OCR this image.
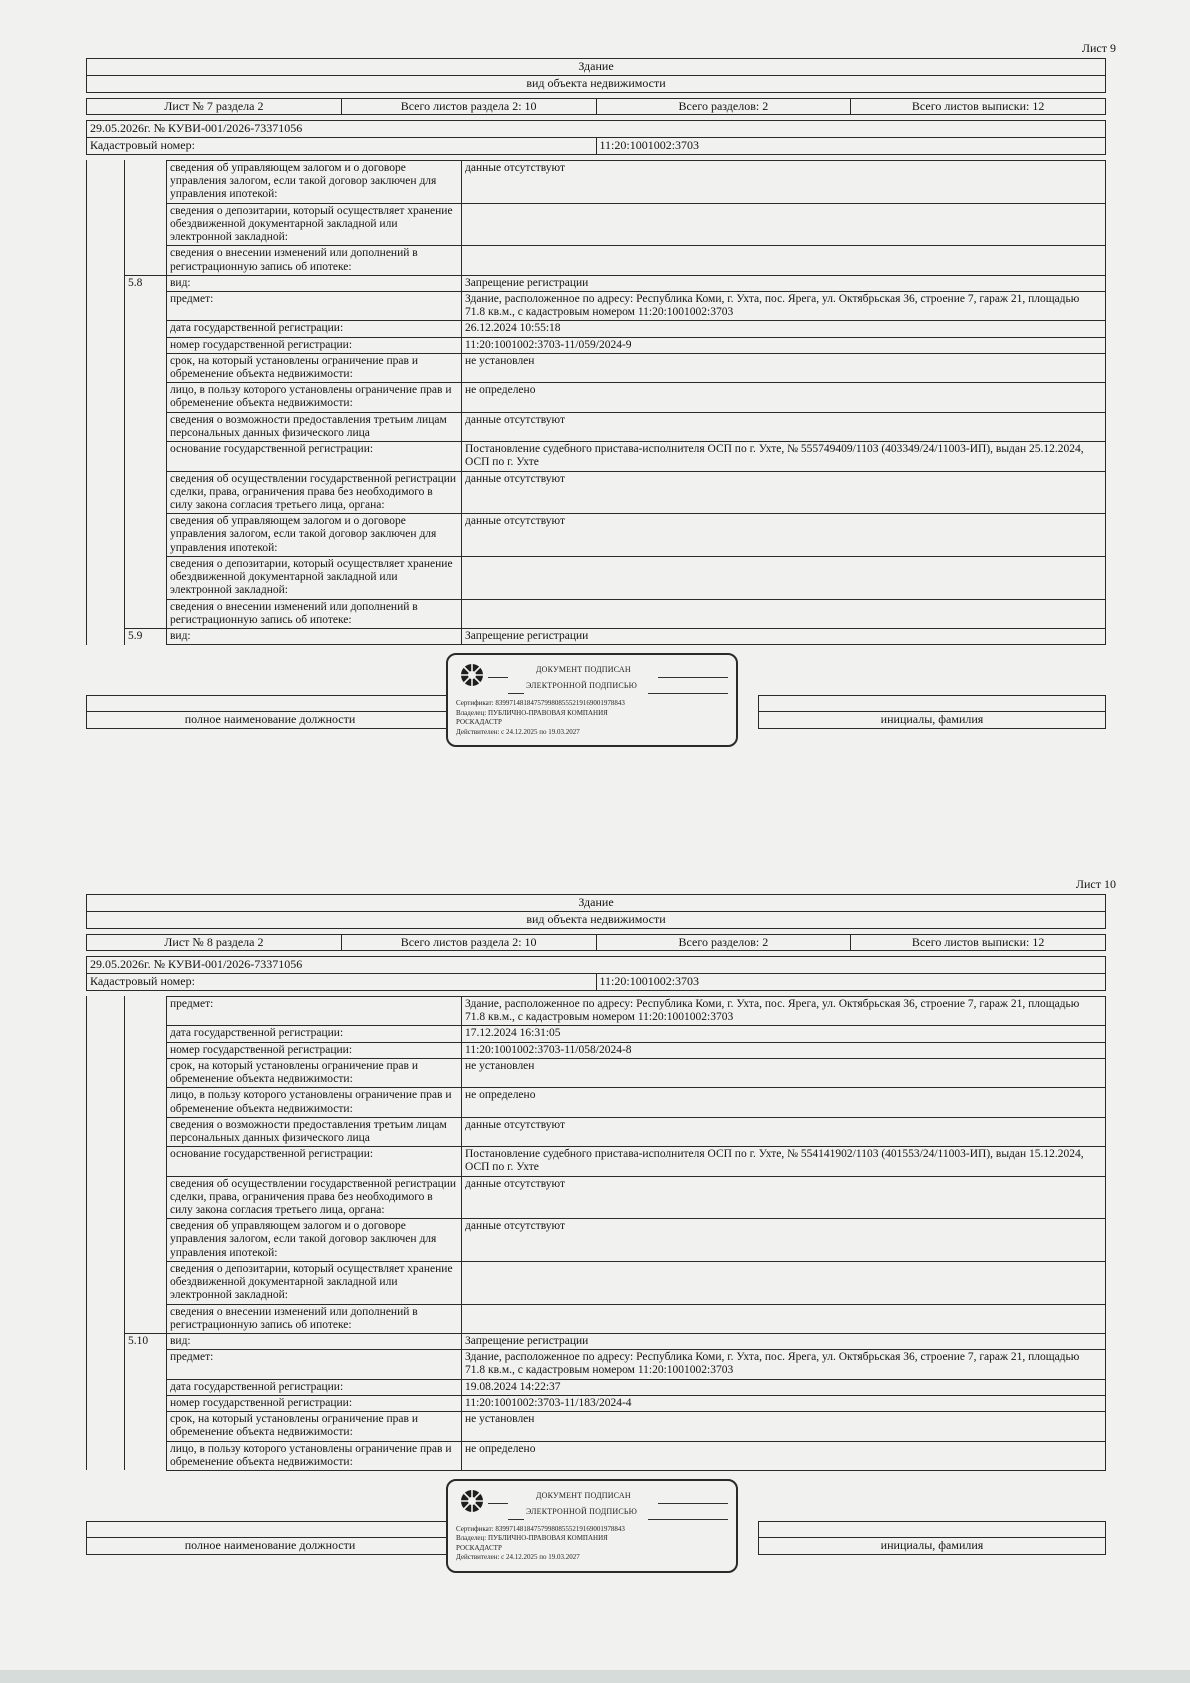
Лист 9
Здание
вид объекта недвижимости
Лист № 7 раздела 2	Всего листов раздела 2: 10	Всего разделов: 2	Всего листов выписки: 12
29.05.2026г. № КУВИ-001/2026-73371056
Кадастровый номер:	11:20:1001002:3703
		сведения об управляющем залогом и о договоре управления залогом, если такой договор заключен для управления ипотекой:	данные отсутствуют
		сведения о депозитарии, который осуществляет хранение обездвиженной документарной закладной или электронной закладной:	
		сведения о внесении изменений или дополнений в регистрационную запись об ипотеке:	
	5.8	вид:	Запрещение регистрации
		предмет:	Здание, расположенное по адресу: Республика Коми, г. Ухта, пос. Ярега, ул. Октябрьская 36, строение 7, гараж 21, площадью 71.8 кв.м., с кадастровым номером 11:20:1001002:3703
		дата государственной регистрации:	26.12.2024 10:55:18
		номер государственной регистрации:	11:20:1001002:3703-11/059/2024-9
		срок, на который установлены ограничение прав и обременение объекта недвижимости:	не установлен
		лицо, в пользу которого установлены ограничение прав и обременение объекта недвижимости:	не определено
		сведения о возможности предоставления третьим лицам персональных данных физического лица	данные отсутствуют
		основание государственной регистрации:	Постановление судебного пристава-исполнителя ОСП по г. Ухте, № 555749409/1103 (403349/24/11003-ИП), выдан 25.12.2024, ОСП по г. Ухте
		сведения об осуществлении государственной регистрации сделки, права, ограничения права без необходимого в силу закона согласия третьего лица, органа:	данные отсутствуют
		сведения об управляющем залогом и о договоре управления залогом, если такой договор заключен для управления ипотекой:	данные отсутствуют
		сведения о депозитарии, который осуществляет хранение обездвиженной документарной закладной или электронной закладной:	
		сведения о внесении изменений или дополнений в регистрационную запись об ипотеке:	
	5.9	вид:	Запрещение регистрации

полное наименование должности		инициалы, фамилия
ДОКУМЕНТ ПОДПИСАН
ЭЛЕКТРОННОЙ ПОДПИСЬЮ
Сертификат: 8399714818475799808555219169001978843
Владелец: ПУБЛИЧНО-ПРАВОВАЯ КОМПАНИЯ
РОСКАДАСТР
Действителен: с 24.12.2025 по 19.03.2027
Лист 10
Здание
вид объекта недвижимости
Лист № 8 раздела 2	Всего листов раздела 2: 10	Всего разделов: 2	Всего листов выписки: 12
29.05.2026г. № КУВИ-001/2026-73371056
Кадастровый номер:	11:20:1001002:3703
		предмет:	Здание, расположенное по адресу: Республика Коми, г. Ухта, пос. Ярега, ул. Октябрьская 36, строение 7, гараж 21, площадью 71.8 кв.м., с кадастровым номером 11:20:1001002:3703
		дата государственной регистрации:	17.12.2024 16:31:05
		номер государственной регистрации:	11:20:1001002:3703-11/058/2024-8
		срок, на который установлены ограничение прав и обременение объекта недвижимости:	не установлен
		лицо, в пользу которого установлены ограничение прав и обременение объекта недвижимости:	не определено
		сведения о возможности предоставления третьим лицам персональных данных физического лица	данные отсутствуют
		основание государственной регистрации:	Постановление судебного пристава-исполнителя ОСП по г. Ухте, № 554141902/1103 (401553/24/11003-ИП), выдан 15.12.2024, ОСП по г. Ухте
		сведения об осуществлении государственной регистрации сделки, права, ограничения права без необходимого в силу закона согласия третьего лица, органа:	данные отсутствуют
		сведения об управляющем залогом и о договоре управления залогом, если такой договор заключен для управления ипотекой:	данные отсутствуют
		сведения о депозитарии, который осуществляет хранение обездвиженной документарной закладной или электронной закладной:	
		сведения о внесении изменений или дополнений в регистрационную запись об ипотеке:	
	5.10	вид:	Запрещение регистрации
		предмет:	Здание, расположенное по адресу: Республика Коми, г. Ухта, пос. Ярега, ул. Октябрьская 36, строение 7, гараж 21, площадью 71.8 кв.м., с кадастровым номером 11:20:1001002:3703
		дата государственной регистрации:	19.08.2024 14:22:37
		номер государственной регистрации:	11:20:1001002:3703-11/183/2024-4
		срок, на который установлены ограничение прав и обременение объекта недвижимости:	не установлен
		лицо, в пользу которого установлены ограничение прав и обременение объекта недвижимости:	не определено

полное наименование должности		инициалы, фамилия
ДОКУМЕНТ ПОДПИСАН
ЭЛЕКТРОННОЙ ПОДПИСЬЮ
Сертификат: 8399714818475799808555219169001978843
Владелец: ПУБЛИЧНО-ПРАВОВАЯ КОМПАНИЯ
РОСКАДАСТР
Действителен: с 24.12.2025 по 19.03.2027
